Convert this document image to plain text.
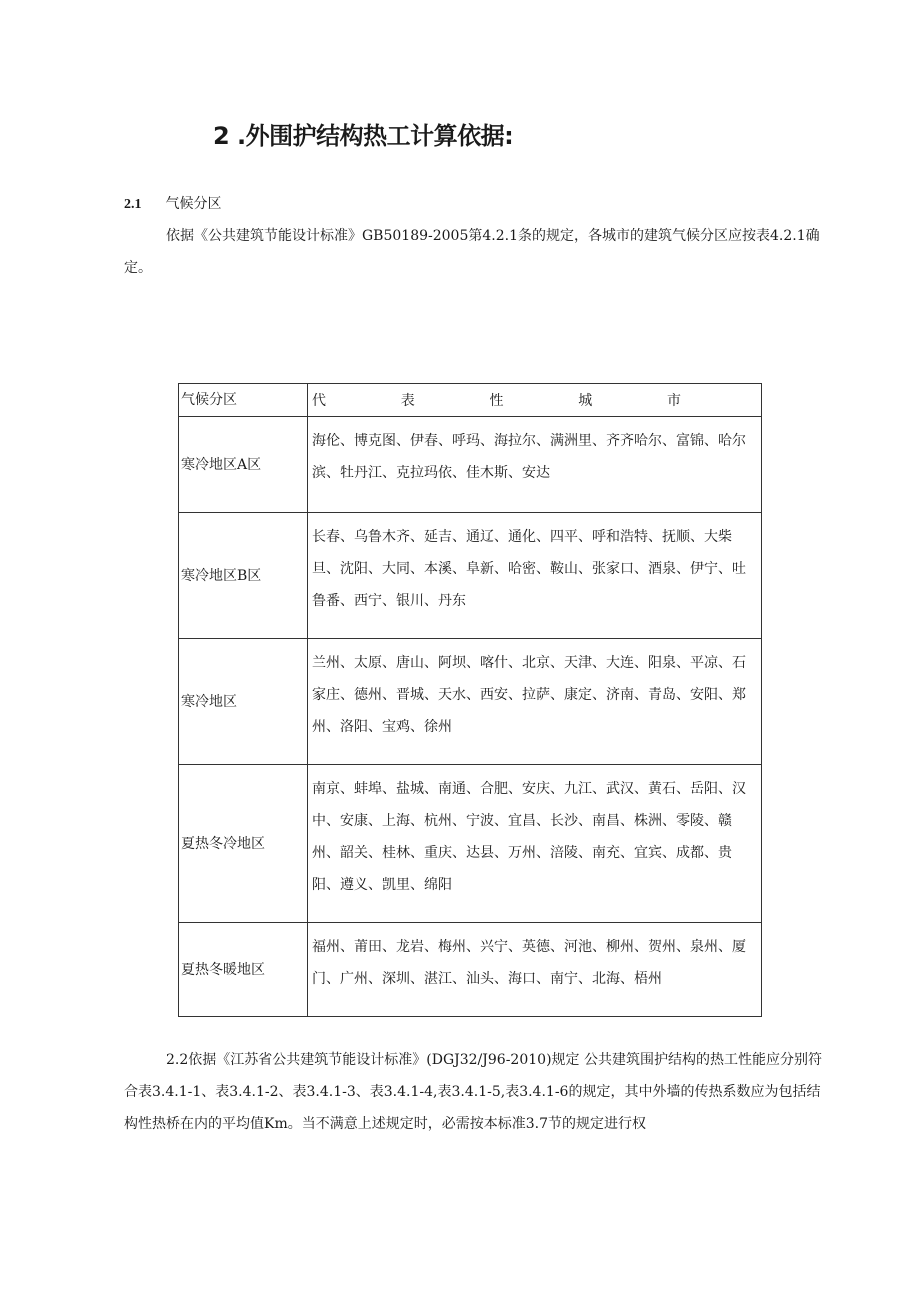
2 .外围护结构热工计算依据:
2.1 气候分区
依据《公共建筑节能设计标准》GB50189-2005第4.2.1条的规定，各城市的建筑气候分区应按表4.2.1确定。
气候分区	代 表 性 城 市

寒冷地区A区	海伦、博克图、伊春、呼玛、海拉尔、满洲里、齐齐哈尔、富锦、哈尔滨、牡丹江、克拉玛依、佳木斯、安达
寒冷地区B区	长春、乌鲁木齐、延吉、通辽、通化、四平、呼和浩特、抚顺、大柴旦、沈阳、大同、本溪、阜新、哈密、鞍山、张家口、酒泉、伊宁、吐鲁番、西宁、银川、丹东
寒冷地区	兰州、太原、唐山、阿坝、喀什、北京、天津、大连、阳泉、平凉、石家庄、德州、晋城、天水、西安、拉萨、康定、济南、青岛、安阳、郑州、洛阳、宝鸡、徐州
夏热冬冷地区	南京、蚌埠、盐城、南通、合肥、安庆、九江、武汉、黄石、岳阳、汉中、安康、上海、杭州、宁波、宜昌、长沙、南昌、株洲、零陵、赣州、韶关、桂林、重庆、达县、万州、涪陵、南充、宜宾、成都、贵阳、遵义、凯里、绵阳
夏热冬暖地区	福州、莆田、龙岩、梅州、兴宁、英德、河池、柳州、贺州、泉州、厦门、广州、深圳、湛江、汕头、海口、南宁、北海、梧州
2.2依据《江苏省公共建筑节能设计标准》(DGJ32/J96-2010)规定 公共建筑围护结构的热工性能应分别符合表3.4.1-1、表3.4.1-2、表3.4.1-3、表3.4.1-4,表3.4.1-5,表3.4.1-6的规定，其中外墙的传热系数应为包括结构性热桥在内的平均值Km。当不满意上述规定时，必需按本标准3.7节的规定进行权
